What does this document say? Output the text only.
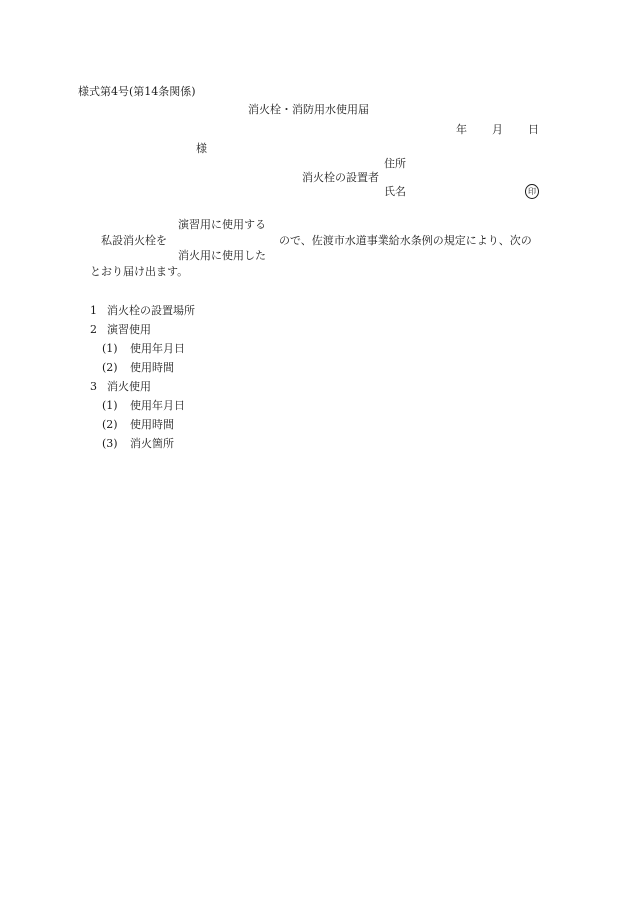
様式第4号(第14条関係)
消火栓・消防用水使用届
年 月 日
様
住所
消火栓の設置者
氏名	印
演習用に使用する
私設消火栓を	ので、佐渡市水道事業給水条例の規定により、次の
消火用に使用した
とおり届け出ます。
1 消火栓の設置場所
2 演習使用
(1) 使用年月日
(2) 使用時間
3 消火使用
(1) 使用年月日
(2) 使用時間
(3) 消火箇所
